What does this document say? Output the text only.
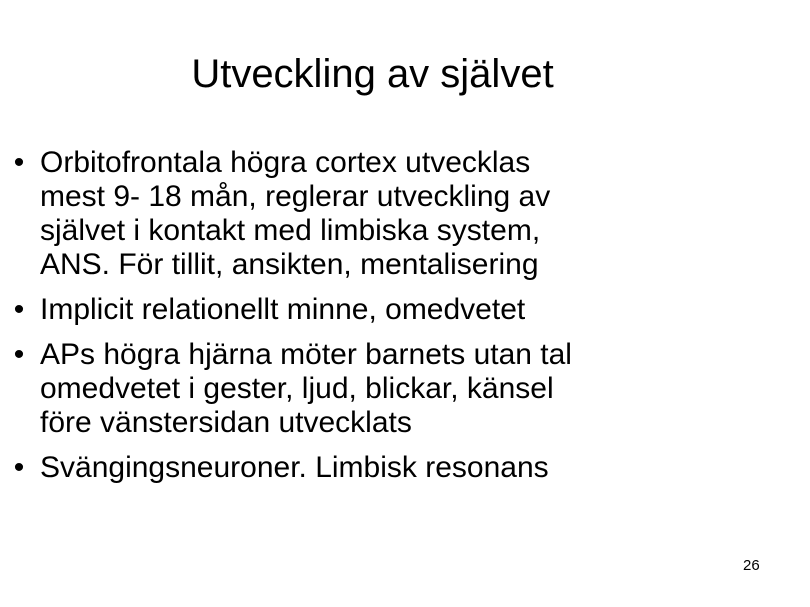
Utveckling av självet
• Orbitofrontala högra cortex utvecklas
mest 9- 18 mån, reglerar utveckling av
självet i kontakt med limbiska system,
ANS. För tillit, ansikten, mentalisering
• Implicit relationellt minne, omedvetet
• APs högra hjärna möter barnets utan tal
omedvetet i gester, ljud, blickar, känsel
före vänstersidan utvecklats
• Svängingsneuroner. Limbisk resonans
26
